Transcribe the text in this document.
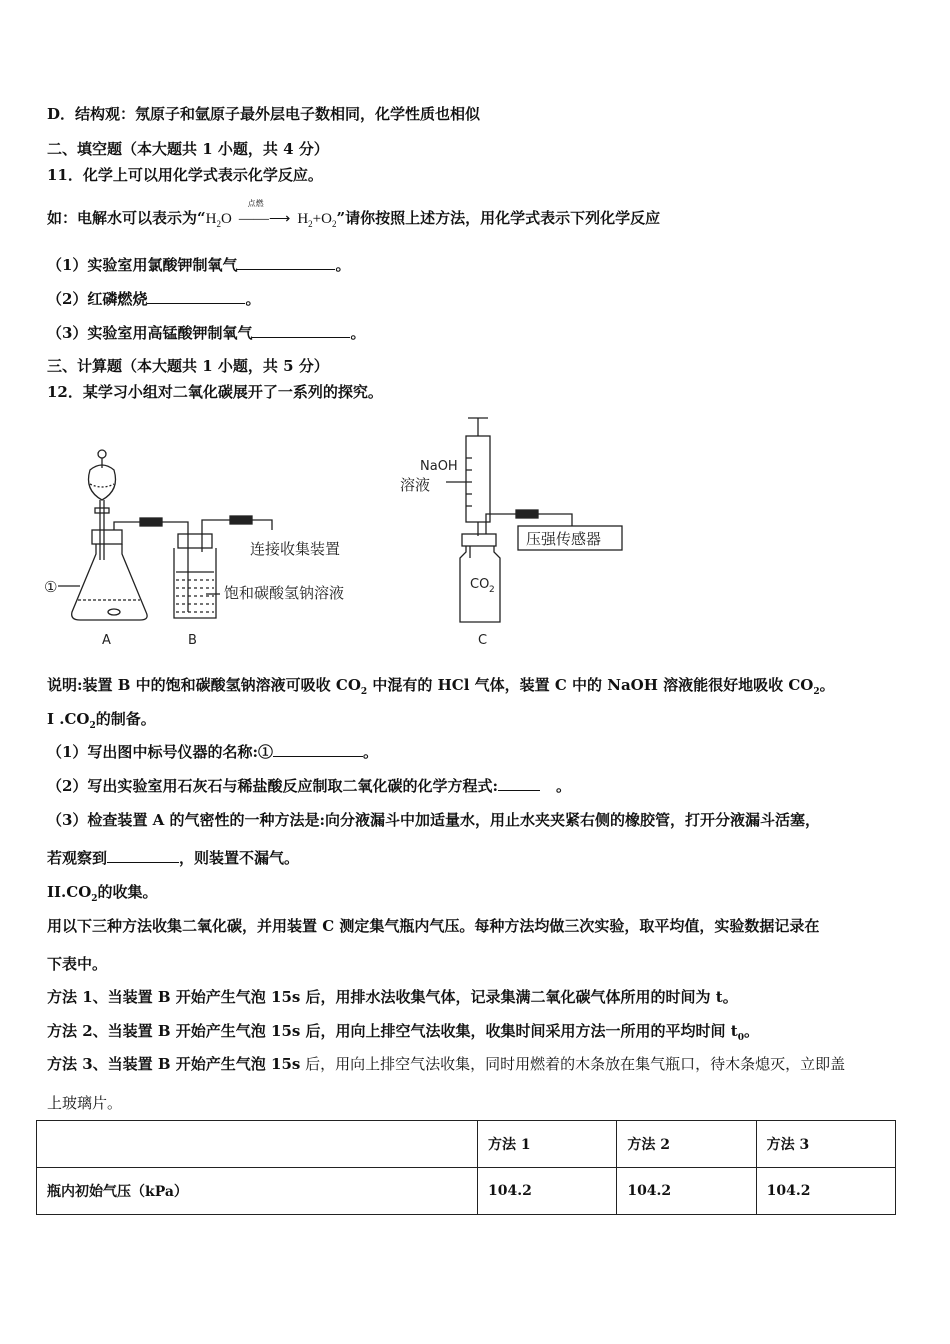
D．结构观：氖原子和氩原子最外层电子数相同，化学性质也相似
二、填空题（本大题共 1 小题，共 4 分）
11．化学上可以用化学式表示化学反应。
如：电解水可以表示为“$H_2O$
点燃
——⟶ $H_2+O_2$”请你按照上述方法，用化学式表示下列化学反应
（1）实验室用氯酸钾制氧气	。
（2）红磷燃烧	。
（3）实验室用高锰酸钾制氧气	。
三、计算题（本大题共 1 小题，共 5 分）
12．某学习小组对二氧化碳展开了一系列的探究。
①
A	B	C
连接收集装置
饱和碳酸氢钠溶液
NaOH
溶液
压强传感器
CO 2
说明:装置 B 中的饱和碳酸氢钠溶液可吸收 $CO_2$ 中混有的 HCl 气体，装置 C 中的 NaOH 溶液能很好地吸收 $CO_2$。
I $.CO_2$的制备。
（1）写出图中标号仪器的名称:①	。
（2）写出实验室用石灰石与稀盐酸反应制取二氧化碳的化学方程式:	。
（3）检查装置 A 的气密性的一种方法是:向分液漏斗中加适量水，用止水夹夹紧右侧的橡胶管，打开分液漏斗活塞，
若观察到	，则装置不漏气。
$II.CO_2$的收集。
用以下三种方法收集二氧化碳，并用装置 C 测定集气瓶内气压。每种方法均做三次实验，取平均值，实验数据记录在
下表中。
方法 1、当装置 B 开始产生气泡 15s 后，用排水法收集气体，记录集满二氧化碳气体所用的时间为 t。
方法 2、当装置 B 开始产生气泡 15s 后，用向上排空气法收集，收集时间采用方法一所用的平均时间 $t_0$。
方法 3、当装置 B 开始产生气泡 15s 后，用向上排空气法收集，同时用燃着的木条放在集气瓶口，待木条熄灭，立即盖
上玻璃片。
	方法 1	方法 2	方法 3
瓶内初始气压（kPa）	104.2	104.2	104.2
